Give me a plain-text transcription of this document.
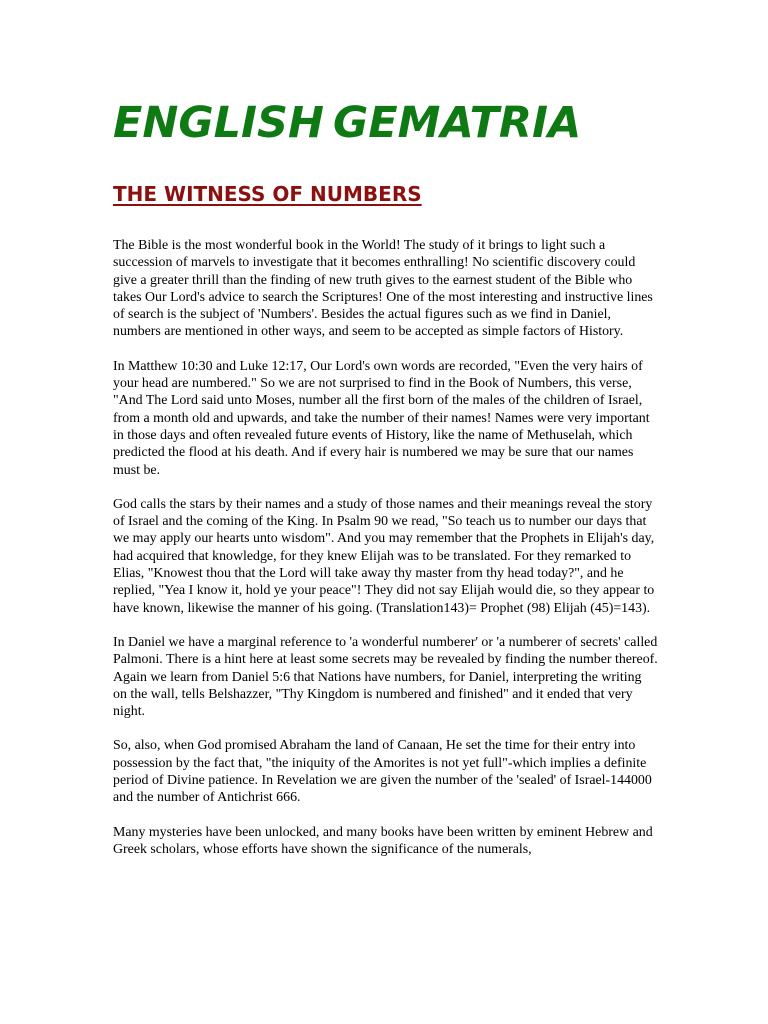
ENGLISH GEMATRIA
THE WITNESS OF NUMBERS

The Bible is the most wonderful book in the World! The study of it brings to light such a succession of marvels to investigate that it becomes enthralling! No scientific discovery could give a greater thrill than the finding of new truth gives to the earnest student of the Bible who takes Our Lord's advice to search the Scriptures! One of the most interesting and instructive lines of search is the subject of 'Numbers'. Besides the actual figures such as we find in Daniel, numbers are mentioned in other ways, and seem to be accepted as simple factors of History.

In Matthew 10:30 and Luke 12:17, Our Lord's own words are recorded, "Even the very hairs of your head are numbered." So we are not surprised to find in the Book of Numbers, this verse, "And The Lord said unto Moses, number all the first born of the males of the children of Israel, from a month old and upwards, and take the number of their names! Names were very important in those days and often revealed future events of History, like the name of Methuselah, which predicted the flood at his death. And if every hair is numbered we may be sure that our names must be.

God calls the stars by their names and a study of those names and their meanings reveal the story of Israel and the coming of the King. In Psalm 90 we read, "So teach us to number our days that we may apply our hearts unto wisdom". And you may remember that the Prophets in Elijah's day, had acquired that knowledge, for they knew Elijah was to be translated. For they remarked to Elias, "Knowest thou that the Lord will take away thy master from thy head today?", and he replied, "Yea I know it, hold ye your peace"! They did not say Elijah would die, so they appear to have known, likewise the manner of his going. (Translation143)= Prophet (98) Elijah (45)=143).

In Daniel we have a marginal reference to 'a wonderful numberer' or 'a numberer of secrets' called Palmoni. There is a hint here at least some secrets may be revealed by finding the number thereof. Again we learn from Daniel 5:6 that Nations have numbers, for Daniel, interpreting the writing on the wall, tells Belshazzer, "Thy Kingdom is numbered and finished" and it ended that very night.

So, also, when God promised Abraham the land of Canaan, He set the time for their entry into possession by the fact that, "the iniquity of the Amorites is not yet full"-which implies a definite period of Divine patience. In Revelation we are given the number of the 'sealed' of Israel-144000 and the number of Antichrist 666.

Many mysteries have been unlocked, and many books have been written by eminent Hebrew and Greek scholars, whose efforts have shown the significance of the numerals,
